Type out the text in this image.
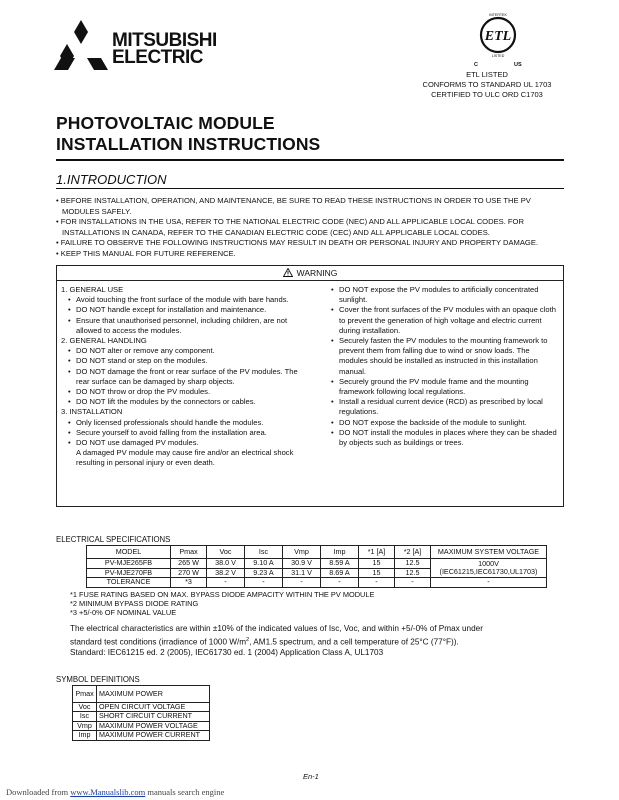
MITSUBISHI
ELECTRIC
ETL
INTERTEK
LISTED
C	US
ETL LISTED
CONFORMS TO STANDARD UL 1703
CERTIFIED TO ULC ORD C1703
PHOTOVOLTAIC MODULE
INSTALLATION INSTRUCTIONS
1.INTRODUCTION
• BEFORE INSTALLATION, OPERATION, AND MAINTENANCE, BE SURE TO READ THESE INSTRUCTIONS IN ORDER TO USE THE PV MODULES SAFELY.
• FOR INSTALLATIONS IN THE USA, REFER TO THE NATIONAL ELECTRIC CODE (NEC) AND ALL APPLICABLE LOCAL CODES. FOR INSTALLATIONS IN CANADA, REFER TO THE CANADIAN ELECTRIC CODE (CEC) AND ALL APPLICABLE LOCAL CODES.
• FAILURE TO OBSERVE THE FOLLOWING INSTRUCTIONS MAY RESULT IN DEATH OR PERSONAL INJURY AND PROPERTY DAMAGE.
• KEEP THIS MANUAL FOR FUTURE REFERENCE.
WARNING
1. GENERAL USE
• Avoid touching the front surface of the module with bare hands.
• DO NOT handle except for installation and maintenance.
• Ensure that unauthorised personnel, including children, are not allowed to access the modules.
2. GENERAL HANDLING
• DO NOT alter or remove any component.
• DO NOT stand or step on the modules.
• DO NOT damage the front or rear surface of the PV modules. The rear surface can be damaged by sharp objects.
• DO NOT throw or drop the PV modules.
• DO NOT lift the modules by the connectors or cables.
3. INSTALLATION
• Only licensed professionals should handle the modules.
• Secure yourself to avoid falling from the installation area.
• DO NOT use damaged PV modules.
A damaged PV module may cause fire and/or an electrical shock resulting in personal injury or even death.
• DO NOT expose the PV modules to artificially concentrated sunlight.
• Cover the front surfaces of the PV modules with an opaque cloth to prevent the generation of high voltage and electric current during installation.
• Securely fasten the PV modules to the mounting framework to prevent them from falling due to wind or snow loads. The modules should be installed as instructed in this installation manual.
• Securely ground the PV module frame and the mounting framework following local regulations.
• Install a residual current device (RCD) as prescribed by local regulations.
• DO NOT expose the backside of the module to sunlight.
• DO NOT install the modules in places where they can be shaded by objects such as buildings or trees.
ELECTRICAL SPECIFICATIONS
MODEL	Pmax	Voc	Isc	Vmp	Imp	*1 [A]	*2 [A]	MAXIMUM SYSTEM VOLTAGE
PV-MJE265FB	265 W	38.0 V	9.10 A	30.9 V	8.59 A	15	12.5	1000V
(IEC61215,IEC61730,UL1703)

PV-MJE270FB	270 W	38.2 V	9.23 A	31.1 V	8.69 A	15	12.5	
TOLERANCE	*3	-	-	-	-	-	-	-
*1 FUSE RATING BASED ON MAX. BYPASS DIODE AMPACITY WITHIN THE PV MODULE
*2 MINIMUM BYPASS DIODE RATING
*3 +5/-0% OF NOMINAL VALUE
The electrical characteristics are within ±10% of the indicated values of Isc, Voc, and within +5/-0% of Pmax under
standard test conditions (irradiance of 1000 $W/m^2$, AM1.5 spectrum, and a cell temperature of 25°C (77°F)).
Standard: IEC61215 ed. 2 (2005), IEC61730 ed. 1 (2004) Application Class A, UL1703
SYMBOL DEFINITIONS
Pmax	MAXIMUM POWER
Voc	OPEN CIRCUIT VOLTAGE
Isc	SHORT CIRCUIT CURRENT
Vmp	MAXIMUM POWER VOLTAGE
Imp	MAXIMUM POWER CURRENT
En-1
Downloaded from www.Manualslib.com manuals search engine
